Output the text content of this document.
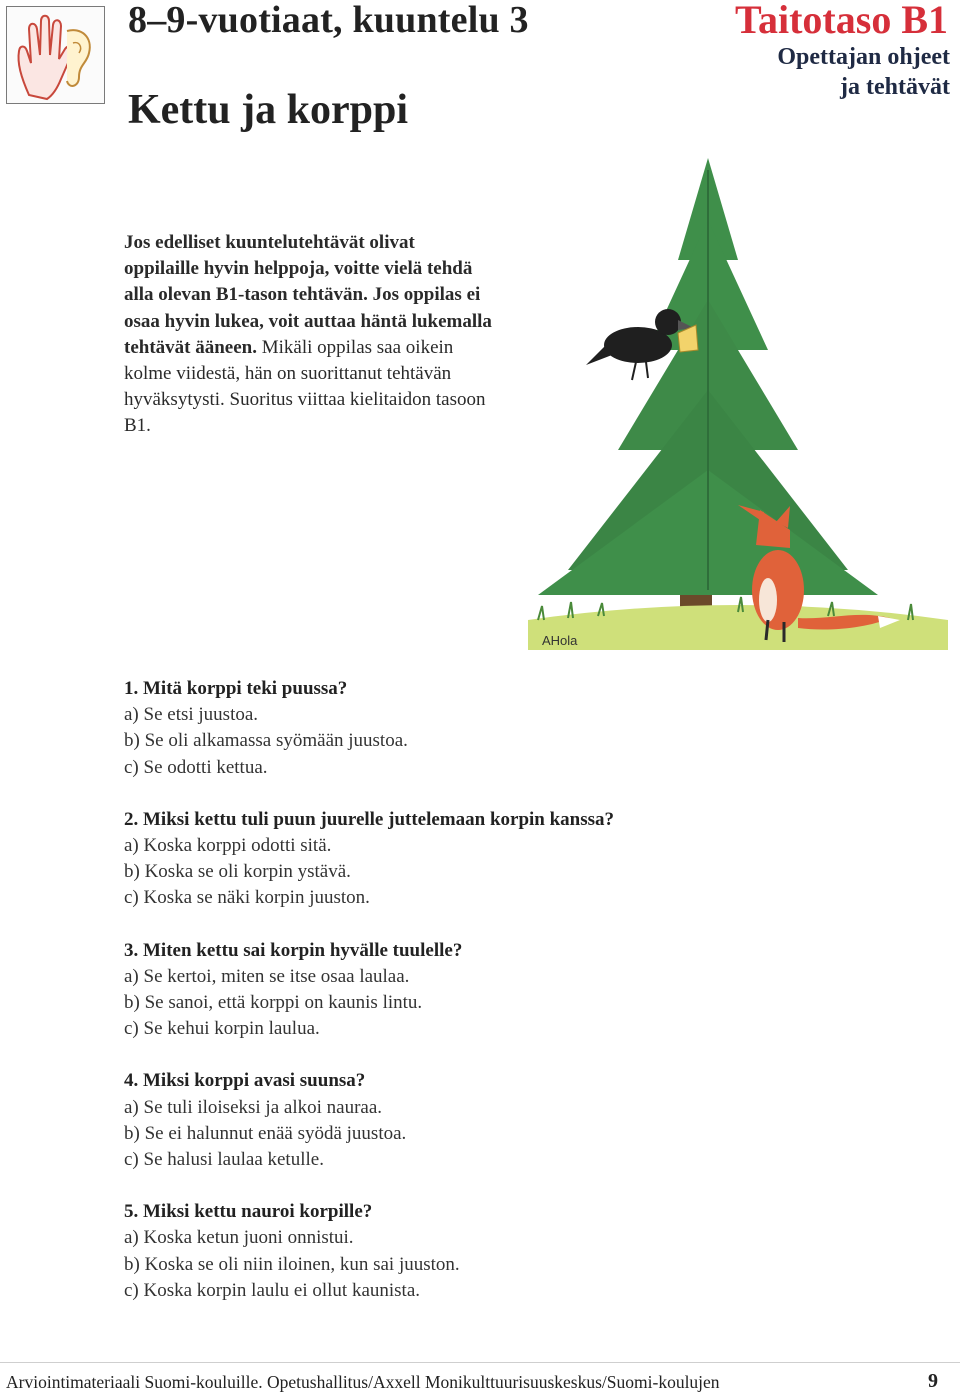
8–9-vuotiaat, kuuntelu 3
Kettu ja korppi
Taitotaso B1
Opettajan ohjeet
ja tehtävät
Jos edelliset kuuntelutehtävät olivat oppilaille hyvin helppoja, voitte vielä tehdä alla olevan B1-tason tehtävän. Jos oppilas ei osaa hyvin lukea, voit auttaa häntä lukemalla tehtävät ääneen. Mikäli oppilas saa oikein kolme viidestä, hän on suorittanut tehtävän hyväksytysti. Suoritus viittaa kielitaidon tasoon B1.
AHola
1. Mitä korppi teki puussa?
a) Se etsi juustoa.
b) Se oli alkamassa syömään juustoa.
c) Se odotti kettua.
2. Miksi kettu tuli puun juurelle juttelemaan korpin kanssa?
a) Koska korppi odotti sitä.
b) Koska se oli korpin ystävä.
c) Koska se näki korpin juuston.
3. Miten kettu sai korpin hyvälle tuulelle?
a) Se kertoi, miten se itse osaa laulaa.
b) Se sanoi, että korppi on kaunis lintu.
c) Se kehui korpin laulua.
4. Miksi korppi avasi suunsa?
a) Se tuli iloiseksi ja alkoi nauraa.
b) Se ei halunnut enää syödä juustoa.
c) Se halusi laulaa ketulle.
5. Miksi kettu nauroi korpille?
a) Koska ketun juoni onnistui.
b) Koska se oli niin iloinen, kun sai juuston.
c) Koska korpin laulu ei ollut kaunista.
Arviointimateriaali Suomi-kouluille. Opetushallitus/Axxell Monikulttuurisuuskeskus/Suomi-koulujen	9
